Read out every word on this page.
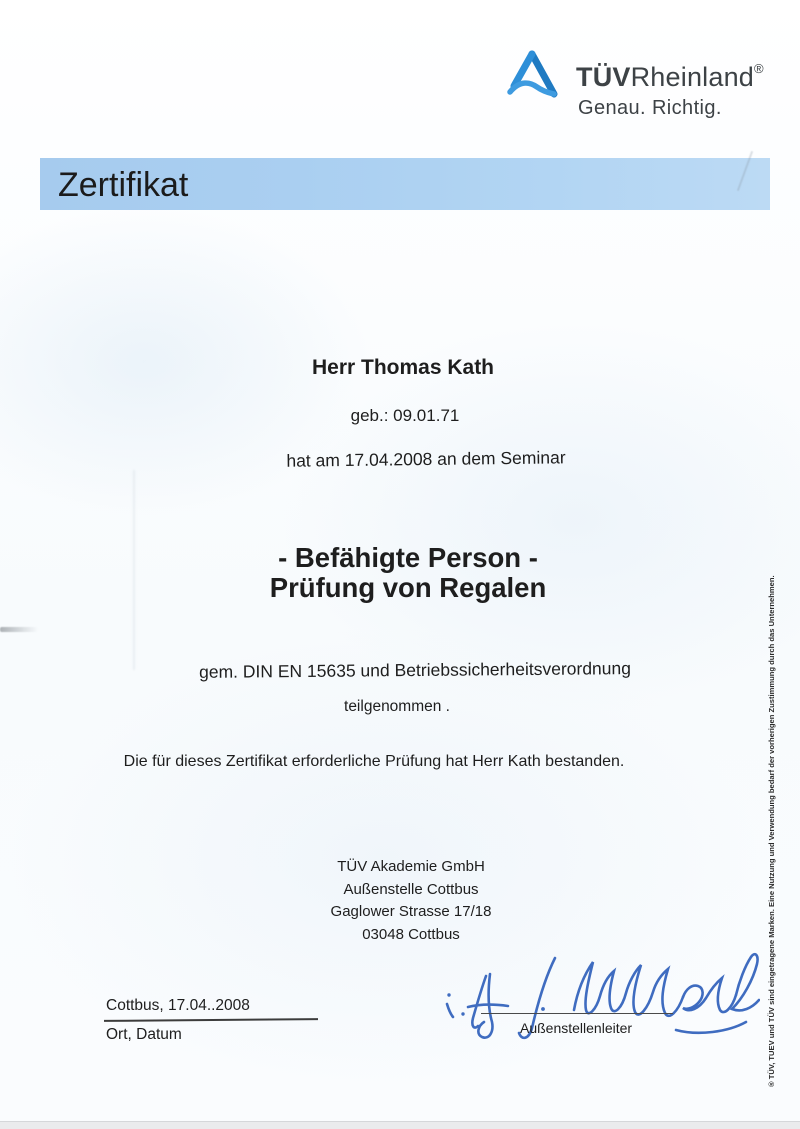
TÜVRheinland®
Genau. Richtig.
Zertifikat
Herr Thomas Kath
geb.: 09.01.71
hat am 17.04.2008 an dem Seminar
- Befähigte Person -
Prüfung von Regalen
gem. DIN EN 15635 und Betriebssicherheitsverordnung
teilgenommen .
Die für dieses Zertifikat erforderliche Prüfung hat Herr Kath bestanden.
TÜV Akademie GmbH
Außenstelle Cottbus
Gaglower Strasse 17/18
03048 Cottbus
Cottbus, 17.04..2008
Ort, Datum	Außenstellenleiter	® TÜV, TUEV und TÜV sind eingetragene Marken. Eine Nutzung und Verwendung bedarf der vorherigen Zustimmung durch das Unternehmen.
